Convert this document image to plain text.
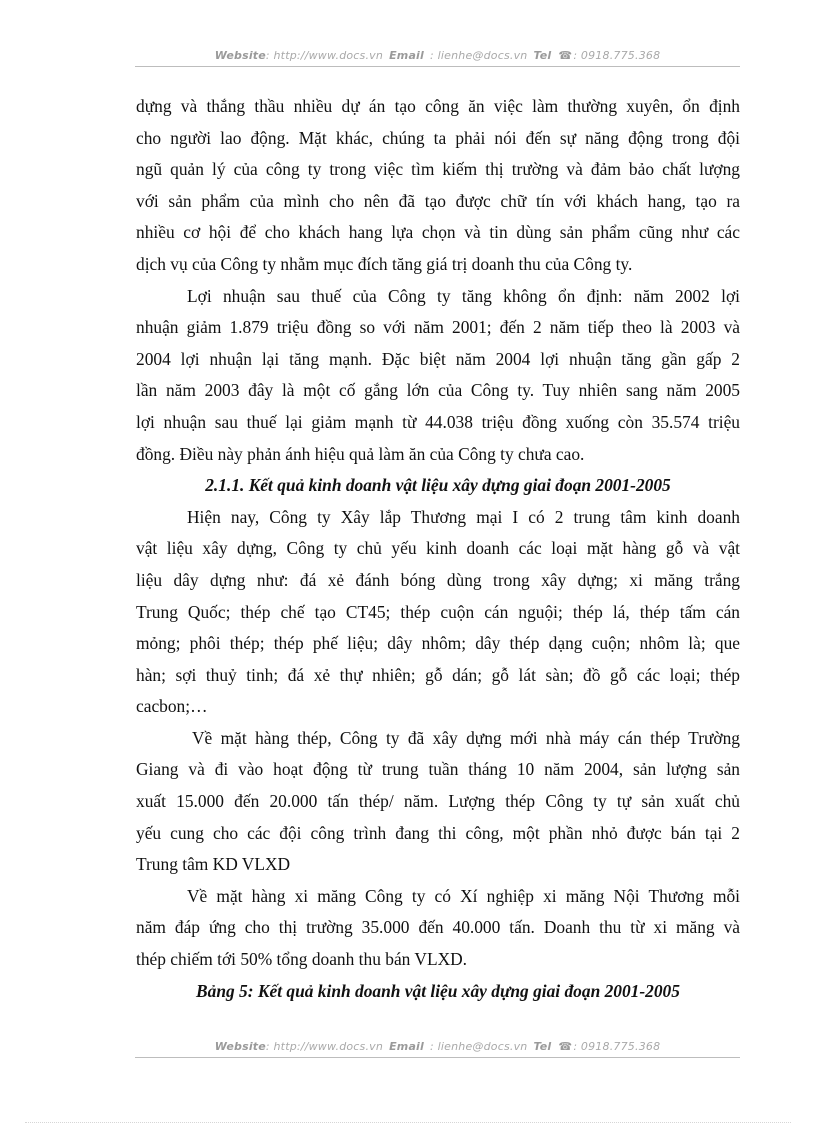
Website: http://www.docs.vn Email : lienhe@docs.vn Tel ☎: 0918.775.368
dựng và thắng thầu nhiều dự án tạo công ăn việc làm thường xuyên, ổn định
cho người lao động. Mặt khác, chúng ta phải nói đến sự năng động trong đội
ngũ quản lý của công ty trong việc tìm kiếm thị trường và đảm bảo chất lượng
với sản phẩm của mình cho nên đã tạo được chữ tín với khách hang, tạo ra
nhiều cơ hội để cho khách hang lựa chọn và tin dùng sản phẩm cũng như các
dịch vụ của Công ty nhằm mục đích tăng giá trị doanh thu của Công ty.
Lợi nhuận sau thuế của Công ty tăng không ổn định: năm 2002 lợi
nhuận giảm 1.879 triệu đồng so với năm 2001; đến 2 năm tiếp theo là 2003 và
2004 lợi nhuận lại tăng mạnh. Đặc biệt năm 2004 lợi nhuận tăng gần gấp 2
lần năm 2003 đây là một cố gắng lớn của Công ty. Tuy nhiên sang năm 2005
lợi nhuận sau thuế lại giảm mạnh từ 44.038 triệu đồng xuống còn 35.574 triệu
đồng. Điều này phản ánh hiệu quả làm ăn của Công ty chưa cao.
2.1.1. Kết quả kinh doanh vật liệu xây dựng giai đoạn 2001-2005
Hiện nay, Công ty Xây lắp Thương mại I có 2 trung tâm kinh doanh
vật liệu xây dựng, Công ty chủ yếu kinh doanh các loại mặt hàng gỗ và vật
liệu dây dựng như: đá xẻ đánh bóng dùng trong xây dựng; xi măng trắng
Trung Quốc; thép chế tạo CT45; thép cuộn cán nguội; thép lá, thép tấm cán
mỏng; phôi thép; thép phế liệu; dây nhôm; dây thép dạng cuộn; nhôm là; que
hàn; sợi thuỷ tinh; đá xẻ thự nhiên; gỗ dán; gỗ lát sàn; đồ gỗ các loại; thép
cacbon;…
Về mặt hàng thép, Công ty đã xây dựng mới nhà máy cán thép Trường
Giang và đi vào hoạt động từ trung tuần tháng 10 năm 2004, sản lượng sản
xuất 15.000 đến 20.000 tấn thép/ năm. Lượng thép Công ty tự sản xuất chủ
yếu cung cho các đội công trình đang thi công, một phần nhỏ được bán tại 2
Trung tâm KD VLXD
Về mặt hàng xi măng Công ty có Xí nghiệp xi măng Nội Thương mỗi
năm đáp ứng cho thị trường 35.000 đến 40.000 tấn. Doanh thu từ xi măng và
thép chiếm tới 50% tổng doanh thu bán VLXD.
Bảng 5: Kết quả kinh doanh vật liệu xây dựng giai đoạn 2001-2005
Website: http://www.docs.vn Email : lienhe@docs.vn Tel ☎: 0918.775.368
